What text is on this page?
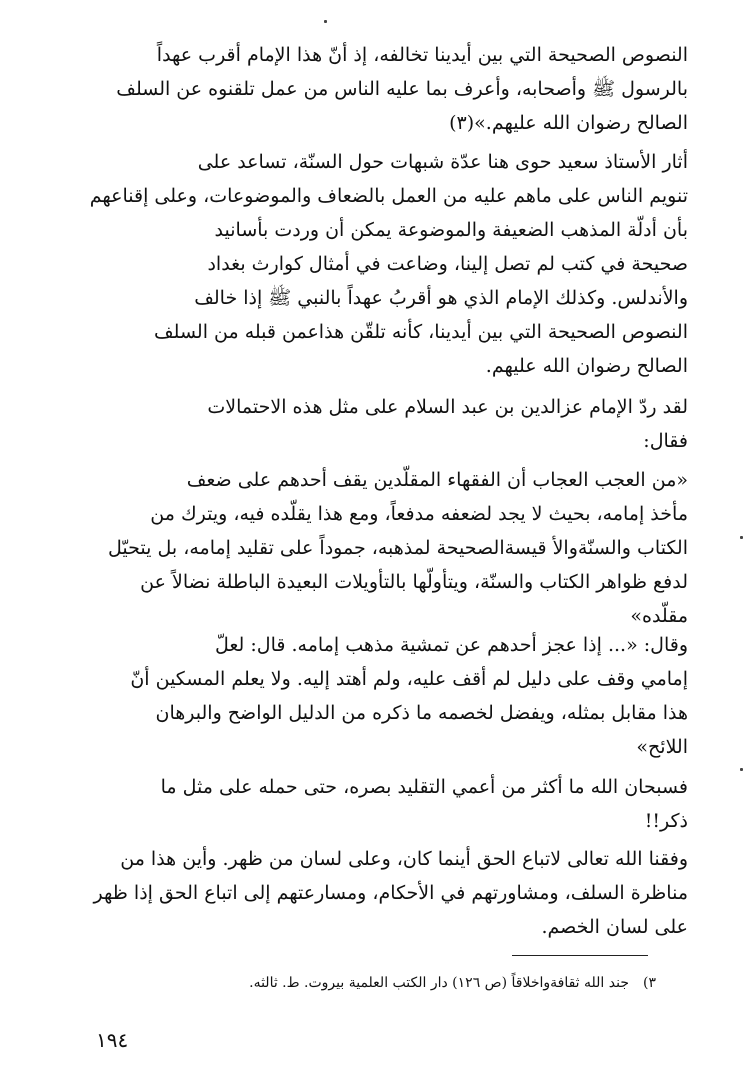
النصوص الصحيحة التي بين أيدينا تخالفه، إذ أنّ هذا الإمام أقرب عهداً
بالرسول ﷺ وأصحابه، وأعرف بما عليه الناس من عمل تلقنوه عن السلف
الصالح رضوان الله عليهم.»(٣)
أثار الأستاذ سعيد حوى هنا عدّة شبهات حول السنّة، تساعد على
تنويم الناس على ماهم عليه من العمل بالضعاف والموضوعات، وعلى إقناعهم
بأن أدلّة المذهب الضعيفة والموضوعة يمكن أن وردت بأسانيد
صحيحة في كتب لم تصل إلينا، وضاعت في أمثال كوارث بغداد
والأندلس. وكذلك الإمام الذي هو أقربُ عهداً بالنبي ﷺ إذا خالف
النصوص الصحيحة التي بين أيدينا، كأنه تلقّن هذاعمن قبله من السلف
الصالح رضوان الله عليهم.
لقد ردّ الإمام عزالدين بن عبد السلام على مثل هذه الاحتمالات
فقال:
«من العجب العجاب أن الفقهاء المقلّدين يقف أحدهم على ضعف
مأخذ إمامه، بحيث لا يجد لضعفه مدفعاً، ومع هذا يقلّده فيه، ويترك من
الكتاب والسنّةوالأ قيسةالصحيحة لمذهبه، جموداً على تقليد إمامه، بل يتحيّل
لدفع ظواهر الكتاب والسنّة، ويتأولّها بالتأويلات البعيدة الباطلة نضالاً عن
مقلّده»
وقال: «... إذا عجز أحدهم عن تمشية مذهب إمامه. قال: لعلّ
إمامي وقف على دليل لم أقف عليه، ولم أهتد إليه. ولا يعلم المسكين أنّ
هذا مقابل بمثله، ويفضل لخصمه ما ذكره من الدليل الواضح والبرهان
اللائح»
فسبحان الله ما أكثر من أعمي التقليد بصره، حتى حمله على مثل ما
ذكر!!
وفقنا الله تعالى لاتباع الحق أينما كان، وعلى لسان من ظهر. وأين هذا من
مناظرة السلف، ومشاورتهم في الأحكام، ومسارعتهم إلى اتباع الحق إذا ظهر
على لسان الخصم.
٣)جند الله ثقافةواخلاقاً (ص ١٢٦) دار الكتب العلمية بيروت. ط. ثالثه.
١٩٤
